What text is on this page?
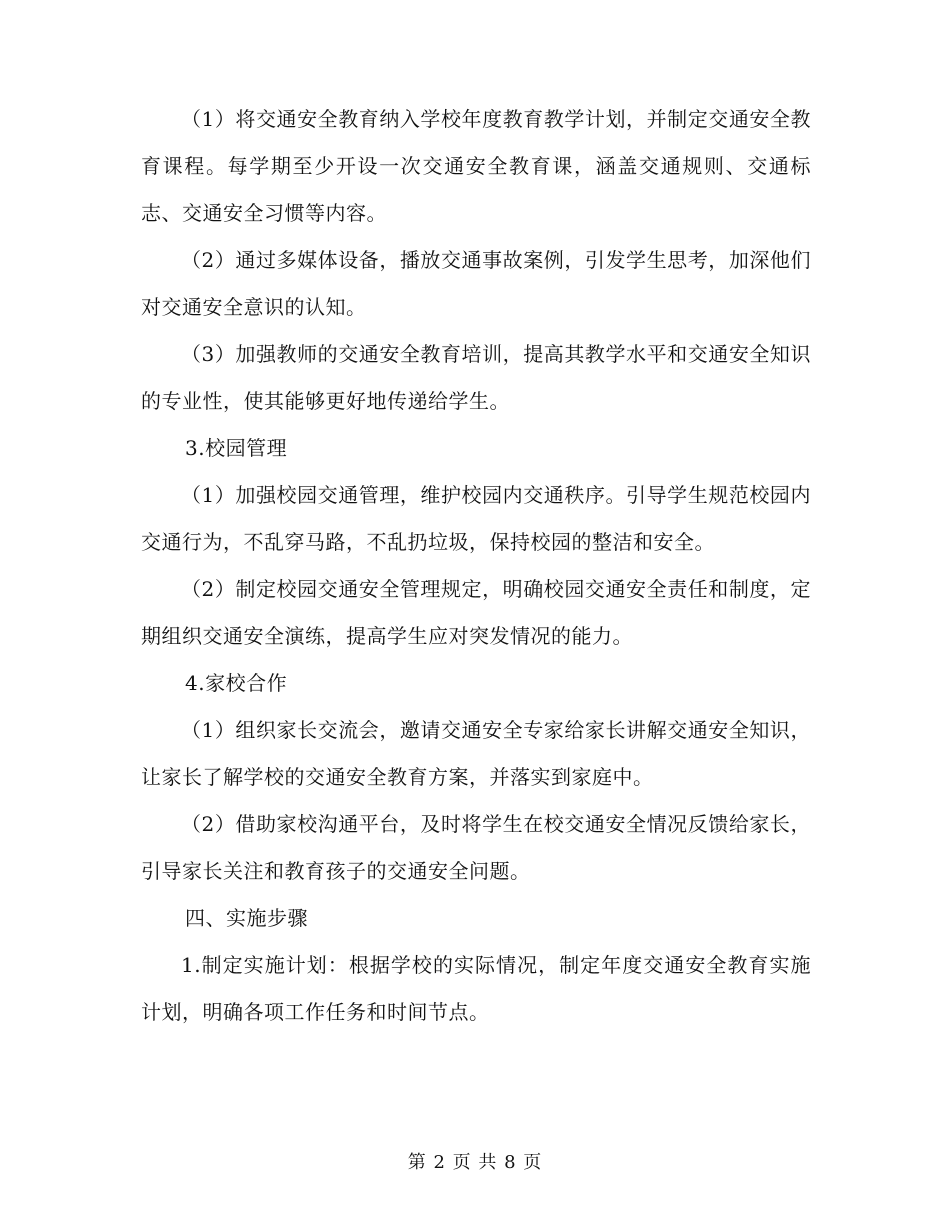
（1）将交通安全教育纳入学校年度教育教学计划，并制定交通安全教育课程。每学期至少开设一次交通安全教育课，涵盖交通规则、交通标志、交通安全习惯等内容。

（2）通过多媒体设备，播放交通事故案例，引发学生思考，加深他们对交通安全意识的认知。

（3）加强教师的交通安全教育培训，提高其教学水平和交通安全知识的专业性，使其能够更好地传递给学生。

3.校园管理

（1）加强校园交通管理，维护校园内交通秩序。引导学生规范校园内交通行为，不乱穿马路，不乱扔垃圾，保持校园的整洁和安全。

（2）制定校园交通安全管理规定，明确校园交通安全责任和制度，定期组织交通安全演练，提高学生应对突发情况的能力。

4.家校合作

（1）组织家长交流会，邀请交通安全专家给家长讲解交通安全知识，让家长了解学校的交通安全教育方案，并落实到家庭中。

（2）借助家校沟通平台，及时将学生在校交通安全情况反馈给家长，引导家长关注和教育孩子的交通安全问题。

四、实施步骤

1.制定实施计划：根据学校的实际情况，制定年度交通安全教育实施计划，明确各项工作任务和时间节点。

第 2 页 共 8 页
